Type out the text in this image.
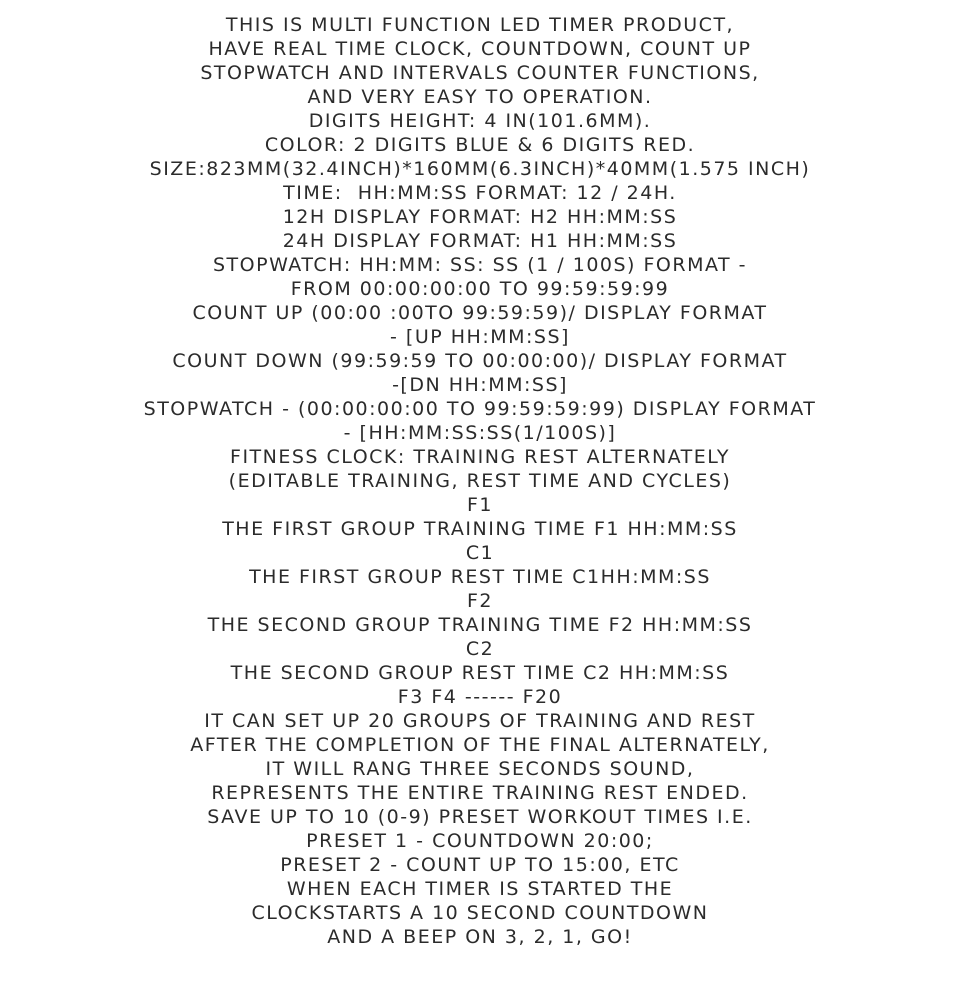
THIS IS MULTI FUNCTION LED TIMER PRODUCT,
HAVE REAL TIME CLOCK, COUNTDOWN, COUNT UP
STOPWATCH AND INTERVALS COUNTER FUNCTIONS,
AND VERY EASY TO OPERATION.
DIGITS HEIGHT: 4 IN(101.6MM).
COLOR: 2 DIGITS BLUE & 6 DIGITS RED.
SIZE:823MM(32.4INCH)*160MM(6.3INCH)*40MM(1.575 INCH)
TIME:  HH:MM:SS FORMAT: 12 / 24H.
12H DISPLAY FORMAT: H2 HH:MM:SS
24H DISPLAY FORMAT: H1 HH:MM:SS
STOPWATCH: HH:MM: SS: SS (1 / 100S) FORMAT -
FROM 00:00:00:00 TO 99:59:59:99
COUNT UP (00:00 :00TO 99:59:59)/ DISPLAY FORMAT
- [UP HH:MM:SS]
COUNT DOWN (99:59:59 TO 00:00:00)/ DISPLAY FORMAT
-[DN HH:MM:SS]
STOPWATCH - (00:00:00:00 TO 99:59:59:99) DISPLAY FORMAT
- [HH:MM:SS:SS(1/100S)]
FITNESS CLOCK: TRAINING REST ALTERNATELY
(EDITABLE TRAINING, REST TIME AND CYCLES)
F1
THE FIRST GROUP TRAINING TIME F1 HH:MM:SS
C1
THE FIRST GROUP REST TIME C1HH:MM:SS
F2
THE SECOND GROUP TRAINING TIME F2 HH:MM:SS
C2
THE SECOND GROUP REST TIME C2 HH:MM:SS
F3 F4 ------ F20
IT CAN SET UP 20 GROUPS OF TRAINING AND REST
AFTER THE COMPLETION OF THE FINAL ALTERNATELY,
IT WILL RANG THREE SECONDS SOUND,
REPRESENTS THE ENTIRE TRAINING REST ENDED.
SAVE UP TO 10 (0-9) PRESET WORKOUT TIMES I.E.
PRESET 1 - COUNTDOWN 20:00;
PRESET 2 - COUNT UP TO 15:00, ETC
WHEN EACH TIMER IS STARTED THE
CLOCKSTARTS A 10 SECOND COUNTDOWN
AND A BEEP ON 3, 2, 1, GO!
